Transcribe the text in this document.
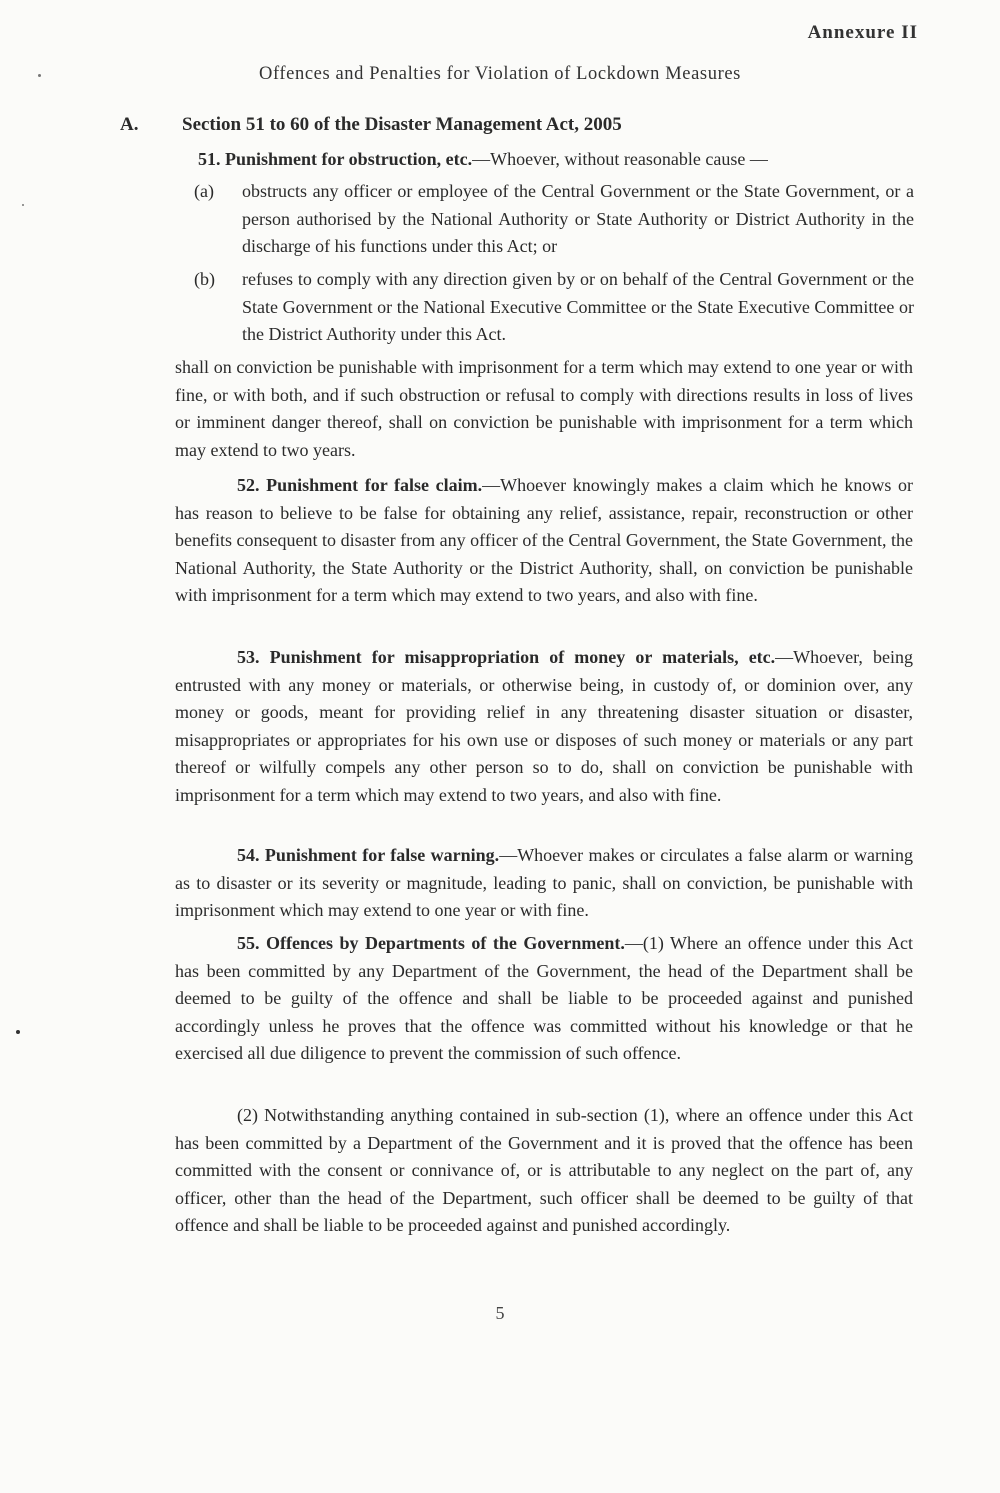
Annexure II
Offences and Penalties for Violation of Lockdown Measures
A. Section 51 to 60 of the Disaster Management Act, 2005
51. Punishment for obstruction, etc.—Whoever, without reasonable cause —
(a) obstructs any officer or employee of the Central Government or the State Government, or a person authorised by the National Authority or State Authority or District Authority in the discharge of his functions under this Act; or
(b) refuses to comply with any direction given by or on behalf of the Central Government or the State Government or the National Executive Committee or the State Executive Committee or the District Authority under this Act.
shall on conviction be punishable with imprisonment for a term which may extend to one year or with fine, or with both, and if such obstruction or refusal to comply with directions results in loss of lives or imminent danger thereof, shall on conviction be punishable with imprisonment for a term which may extend to two years.
52. Punishment for false claim.—Whoever knowingly makes a claim which he knows or has reason to believe to be false for obtaining any relief, assistance, repair, reconstruction or other benefits consequent to disaster from any officer of the Central Government, the State Government, the National Authority, the State Authority or the District Authority, shall, on conviction be punishable with imprisonment for a term which may extend to two years, and also with fine.
53. Punishment for misappropriation of money or materials, etc.—Whoever, being entrusted with any money or materials, or otherwise being, in custody of, or dominion over, any money or goods, meant for providing relief in any threatening disaster situation or disaster, misappropriates or appropriates for his own use or disposes of such money or materials or any part thereof or wilfully compels any other person so to do, shall on conviction be punishable with imprisonment for a term which may extend to two years, and also with fine.
54. Punishment for false warning.—Whoever makes or circulates a false alarm or warning as to disaster or its severity or magnitude, leading to panic, shall on conviction, be punishable with imprisonment which may extend to one year or with fine.
55. Offences by Departments of the Government.—(1) Where an offence under this Act has been committed by any Department of the Government, the head of the Department shall be deemed to be guilty of the offence and shall be liable to be proceeded against and punished accordingly unless he proves that the offence was committed without his knowledge or that he exercised all due diligence to prevent the commission of such offence.
(2) Notwithstanding anything contained in sub-section (1), where an offence under this Act has been committed by a Department of the Government and it is proved that the offence has been committed with the consent or connivance of, or is attributable to any neglect on the part of, any officer, other than the head of the Department, such officer shall be deemed to be guilty of that offence and shall be liable to be proceeded against and punished accordingly.
5
